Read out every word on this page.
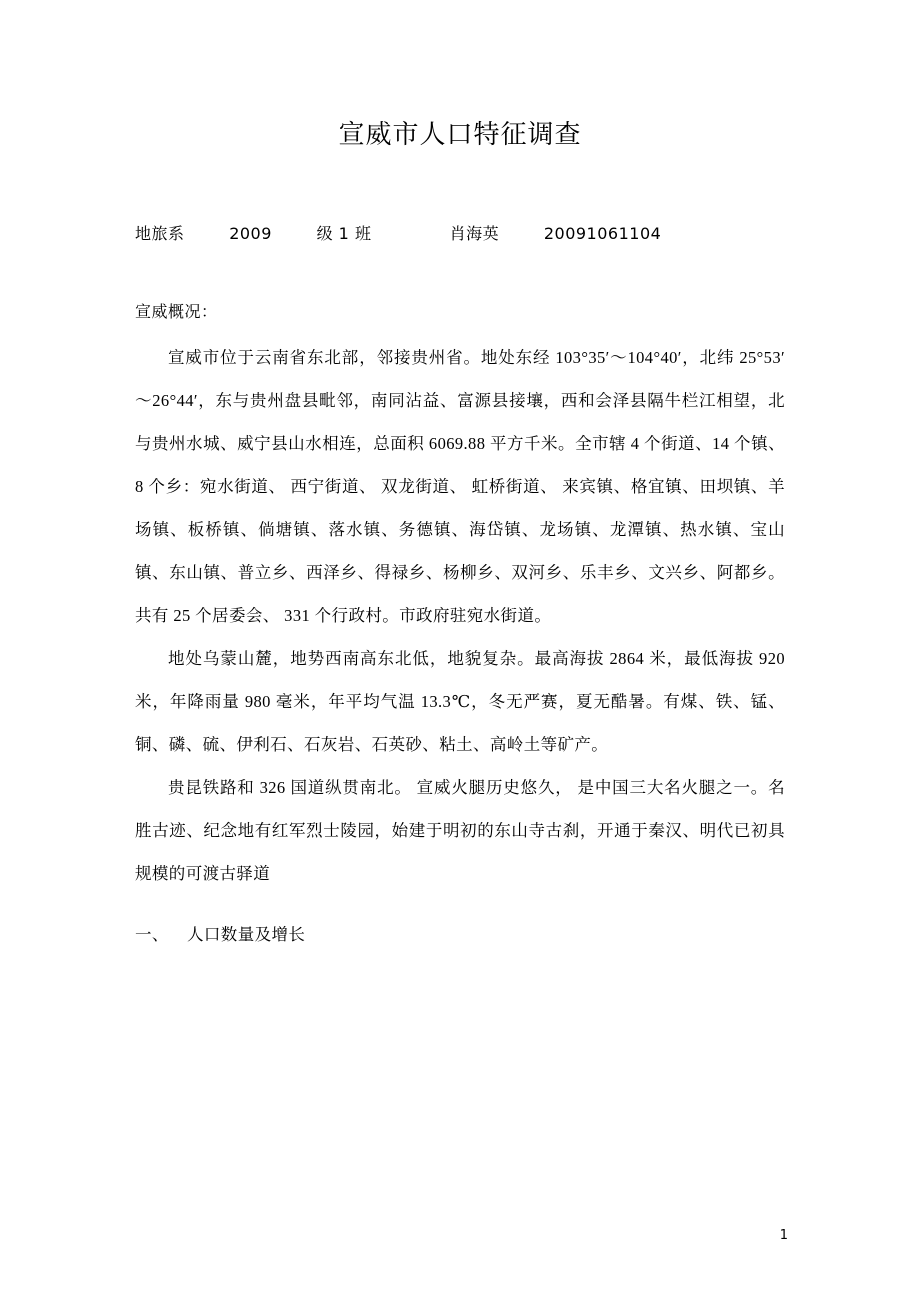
宣威市人口特征调查
地旅系        2009        级 1 班              肖海英        20091061104
宣威概况：

宣威市位于云南省东北部，邻接贵州省。地处东经 103°35′～104°40′，北纬 25°53′～26°44′，东与贵州盘县毗邻，南同沾益、富源县接壤，西和会泽县隔牛栏江相望，北与贵州水城、威宁县山水相连，总面积 6069.88 平方千米。全市辖 4 个街道、14 个镇、8 个乡：宛水街道、 西宁街道、 双龙街道、 虹桥街道、 来宾镇、格宜镇、田坝镇、羊场镇、板桥镇、倘塘镇、落水镇、务德镇、海岱镇、龙场镇、龙潭镇、热水镇、宝山镇、东山镇、普立乡、西泽乡、得禄乡、杨柳乡、双河乡、乐丰乡、文兴乡、阿都乡。共有 25 个居委会、 331 个行政村。市政府驻宛水街道。

地处乌蒙山麓，地势西南高东北低，地貌复杂。最高海拔 2864 米，最低海拔 920 米，年降雨量 980 毫米，年平均气温 13.3℃，冬无严赛，夏无酷暑。有煤、铁、锰、铜、磷、硫、伊利石、石灰岩、石英砂、粘土、高岭土等矿产。

贵昆铁路和 326 国道纵贯南北。 宣威火腿历史悠久， 是中国三大名火腿之一。名胜古迹、纪念地有红军烈士陵园，始建于明初的东山寺古刹，开通于秦汉、明代已初具规模的可渡古驿道

一、 人口数量及增长
1
